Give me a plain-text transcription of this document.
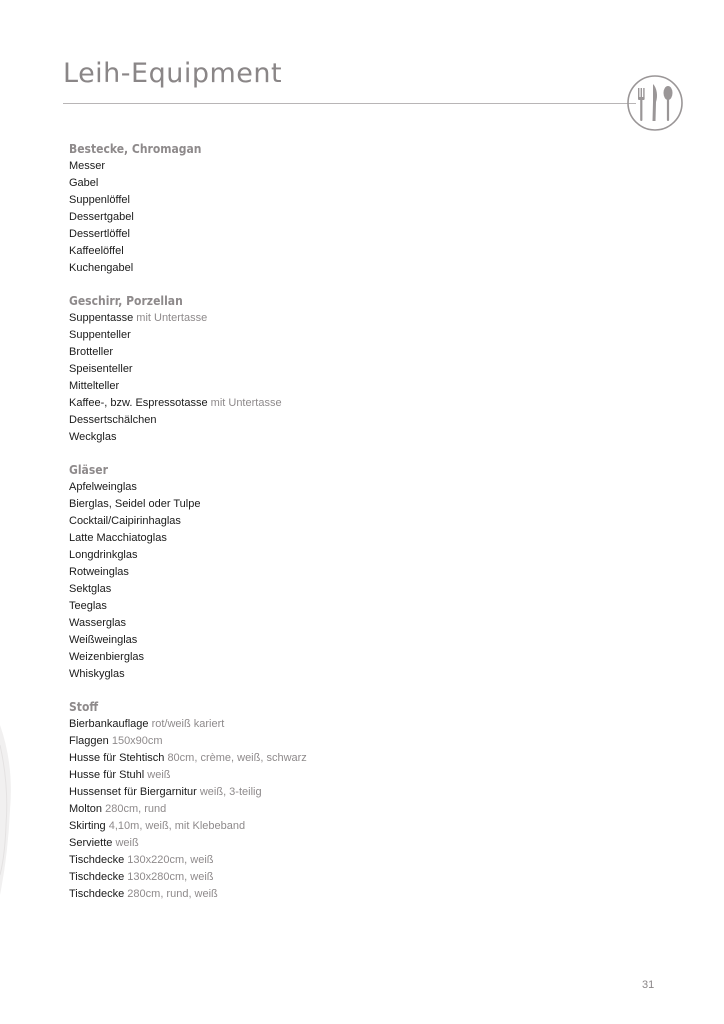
Leih-Equipment
Bestecke, Chromagan
Messer
Gabel
Suppenlöffel
Dessertgabel
Dessertlöffel
Kaffeelöffel
Kuchengabel
Geschirr, Porzellan
Suppentasse mit Untertasse
Suppenteller
Brotteller
Speisenteller
Mittelteller
Kaffee-, bzw. Espressotasse mit Untertasse
Dessertschälchen
Weckglas
Gläser
Apfelweinglas
Bierglas, Seidel oder Tulpe
Cocktail/Caipirinhaglas
Latte Macchiatoglas
Longdrinkglas
Rotweinglas
Sektglas
Teeglas
Wasserglas
Weißweinglas
Weizenbierglas
Whiskyglas
Stoff
Bierbankauflage rot/weiß kariert
Flaggen 150x90cm
Husse für Stehtisch 80cm, crème, weiß, schwarz
Husse für Stuhl weiß
Hussenset für Biergarnitur weiß, 3-teilig
Molton 280cm, rund
Skirting 4,10m, weiß, mit Klebeband
Serviette weiß
Tischdecke 130x220cm, weiß
Tischdecke 130x280cm, weiß
Tischdecke 280cm, rund, weiß
31
